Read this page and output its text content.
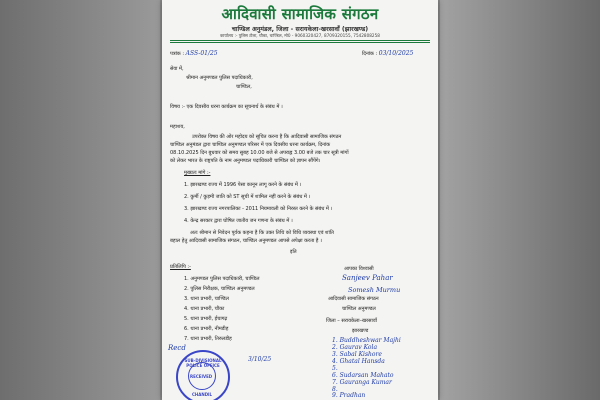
आदिवासी सामाजिक संगठन
चाण्डिल अनुमंडल, जिला - सरायकेला-खरसावाँ (झारखण्ड)
कार्यालय :- पुलिस टोला, चौका, चाण्डिल, मो0 - 9060320427, 8709320155, 7542808258
पत्रांक : ASS-01/25	दिनांक : 03/10/2025
सेवा में,
श्रीमान अनुमण्डल पुलिस पदाधिकारी,
चाण्डिल,
विषय :- एक दिवसीय धरना कार्यक्रम का सूचनार्थ के संबंध में ।
महाशय,
उपरोक्त विषय की ओर महोदय को सूचित करना है कि आदिवासी सामाजिक संगठन
चाण्डिल अनुमंडल द्वारा चाण्डिल अनुमण्डल परिसर में एक दिवसीय धरना कार्यक्रम, दिनांक
08.10.2025 दिन बुधवार को समय सुबह 10.00 बजे से अपराह्न 3.00 बजे तक चार सूत्री मांगों
को लेकर भारत के राष्ट्रपति के नाम अनुमण्डल पदाधिकारी चाण्डिल को ज्ञापन सौंपेंगे।
मुख्यतः मांगे :-
1. झारखण्ड राज्य में 1996 पेसा कानून लागू करने के संबंध में ।
2. कुर्मी / कुड़मी जाति को ST सूची में शामिल नहीं करने के संबंध में ।
3. झारखण्ड राज्य नगरपालिका - 2011 नियमावली को निरस्त करने के संबंध में ।
4. केन्द्र सरकार द्वारा घोषित जातीय जन गणना के संबंध में ।
अतः श्रीमान से निवेदन पूर्वक कहना है कि उक्त तिथि को विधि व्यवस्था एवं शांति
बहाल हेतु आदिवासी सामाजिक संगठन, चाण्डिल अनुमण्डल आपसे अपेक्षा करता है ।
इति
प्रतिलिपि :-
1. अनुमण्डल पुलिस पदाधिकारी, चाण्डिल
2. पुलिस निरीक्षक, चाण्डिल अनुमण्डल
3. थाना प्रभारी, चाण्डिल
4. थाना प्रभारी, चौका
5. थाना प्रभारी, ईचागढ़
6. थाना प्रभारी, नीमडीह
7. थाना प्रभारी, तिरुलडीह
आपका विश्वासी
Sanjeev Pahar
Somesh Murmu
आदिवासी सामाजिक संगठन
चाण्डिल अनुमण्डल
जिला – सरायकेला–खरसावाँ
झारखण्ड
1. Buddheshwar Majhi
2. Gaurav Kola
3. Sabal Kishore
4. Ghatal Hansda
5.
6. Sudarsan Mahato
7. Gauranga Kumar
8.
9. Pradhan
Recd
3/10/25
SUB-DIVISIONAL POLICE OFFICE
RECEIVED
CHANDIL
